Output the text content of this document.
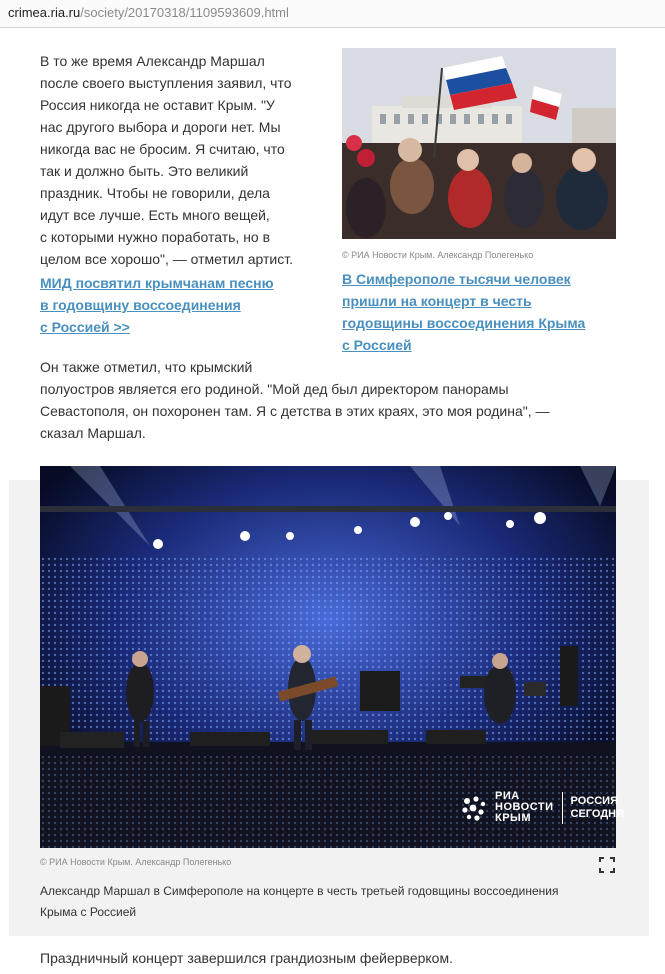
crimea.ria.ru/society/20170318/1109593609.html
В то же время Александр Маршал
после своего выступления заявил, что
Россия никогда не оставит Крым. "У
нас другого выбора и дороги нет. Мы
никогда вас не бросим. Я считаю, что
так и должно быть. Это великий
праздник. Чтобы не говорили, дела
идут все лучше. Есть много вещей,
с которыми нужно поработать, но в
целом все хорошо", — отметил артист.
МИД посвятил крымчанам песню
в годовщину воссоединения
с Россией >>
© РИА Новости Крым. Александр Полегенько
В Симферополе тысячи человек
пришли на концерт в честь
годовщины воссоединения Крыма
с Россией
Он также отметил, что крымский
полуостров является его родиной. "Мой дед был директором панорамы
Севастополя, он похоронен там. Я с детства в этих краях, это моя родина", —
сказал Маршал.
РИА
НОВОСТИ
КРЫМ
РОССИЯ
СЕГОДНЯ
© РИА Новости Крым. Александр Полегенько
Александр Маршал в Симферополе на концерте в честь третьей годовщины воссоединения
Крыма с Россией
Праздничный концерт завершился грандиозным фейерверком.
